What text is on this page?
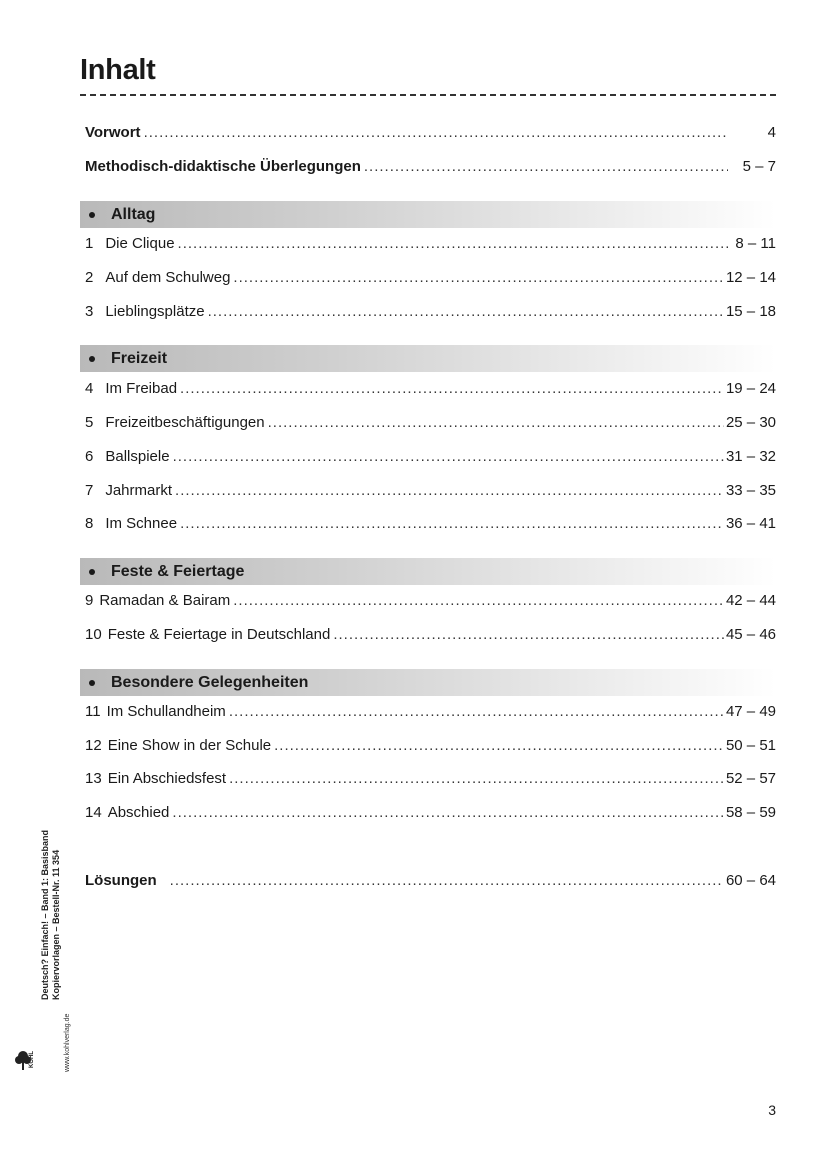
Inhalt
Vorwort .....	4
Methodisch-didaktische Überlegungen .....	5 – 7
Alltag
1 Die Clique .....	8 – 11
2 Auf dem Schulweg .....	12 – 14
3 Lieblingsplätze .....	15 – 18
Freizeit
4 Im Freibad .....	19 – 24
5 Freizeitbeschäftigungen .....	25 – 30
6 Ballspiele .....	31 – 32
7 Jahrmarkt .....	33 – 35
8 Im Schnee .....	36 – 41
Feste & Feiertage
9 Ramadan & Bairam .....	42 – 44
10 Feste & Feiertage in Deutschland .....	45 – 46
Besondere Gelegenheiten
11 Im Schullandheim .....	47 – 49
12 Eine Show in der Schule .....	50 – 51
13 Ein Abschiedsfest .....	52 – 57
14 Abschied .....	58 – 59
Lösungen .....	60 – 64
Deutsch? Einfach! – Band 1: Basisband Kopiervorlagen – Bestell-Nr. 11 354
www.kohlverlag.de
KOHL
3
